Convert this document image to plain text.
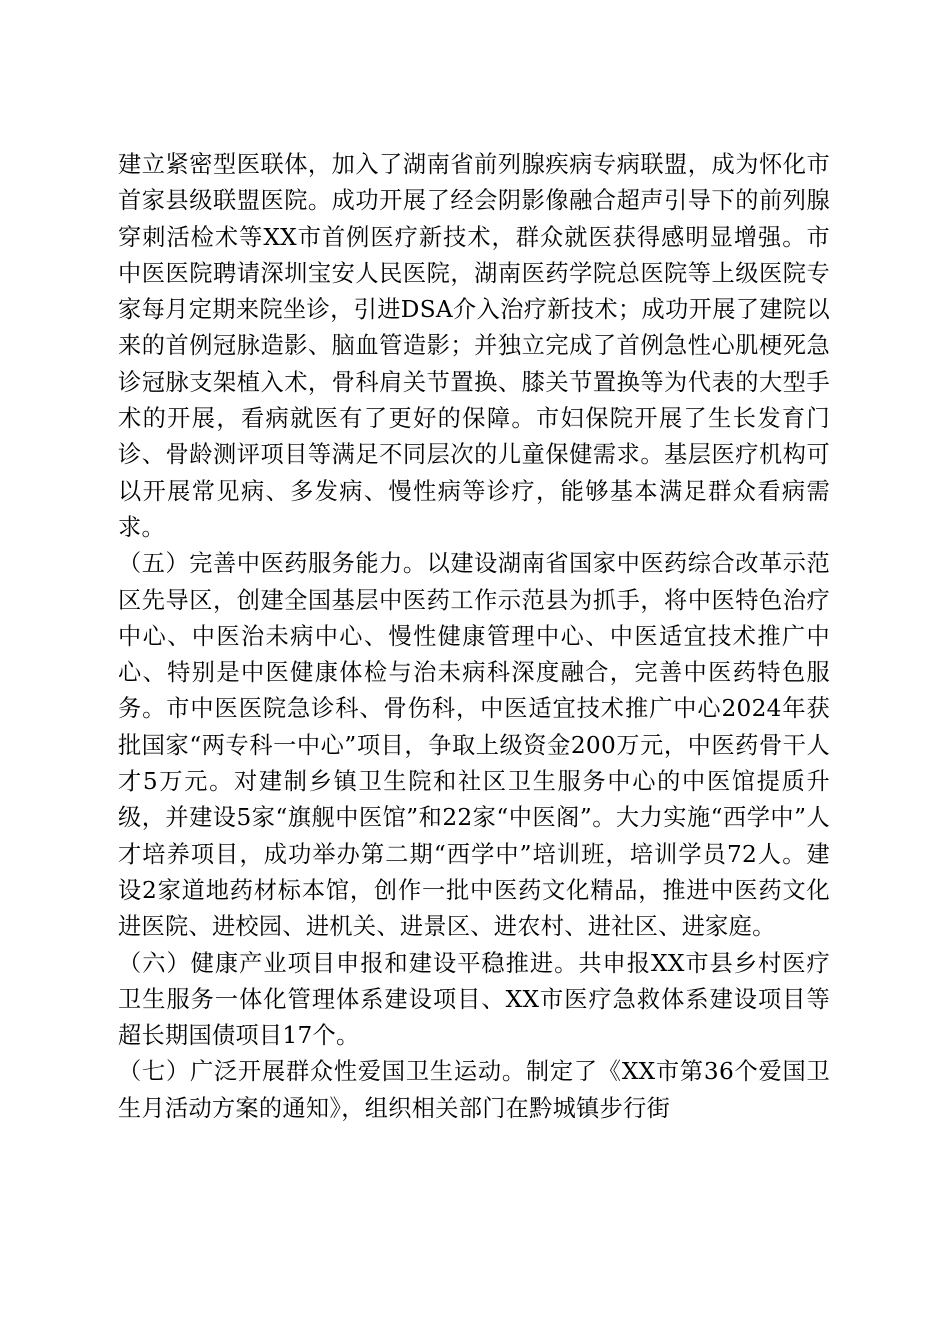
建立紧密型医联体，加入了湖南省前列腺疾病专病联盟，成为怀化市首家县级联盟医院。成功开展了经会阴影像融合超声引导下的前列腺穿刺活检术等XX市首例医疗新技术，群众就医获得感明显增强。市中医医院聘请深圳宝安人民医院，湖南医药学院总医院等上级医院专家每月定期来院坐诊，引进DSA介入治疗新技术；成功开展了建院以来的首例冠脉造影、脑血管造影；并独立完成了首例急性心肌梗死急诊冠脉支架植入术，骨科肩关节置换、膝关节置换等为代表的大型手术的开展，看病就医有了更好的保障。市妇保院开展了生长发育门诊、骨龄测评项目等满足不同层次的儿童保健需求。基层医疗机构可以开展常见病、多发病、慢性病等诊疗，能够基本满足群众看病需求。

（五）完善中医药服务能力。以建设湖南省国家中医药综合改革示范区先导区，创建全国基层中医药工作示范县为抓手，将中医特色治疗中心、中医治未病中心、慢性健康管理中心、中医适宜技术推广中心、特别是中医健康体检与治未病科深度融合，完善中医药特色服务。市中医医院急诊科、骨伤科，中医适宜技术推广中心2024年获批国家“两专科一中心”项目，争取上级资金200万元，中医药骨干人才5万元。对建制乡镇卫生院和社区卫生服务中心的中医馆提质升级，并建设5家“旗舰中医馆”和22家“中医阁”。大力实施“西学中”人才培养项目，成功举办第二期“西学中”培训班，培训学员72人。建设2家道地药材标本馆，创作一批中医药文化精品，推进中医药文化进医院、进校园、进机关、进景区、进农村、进社区、进家庭。

（六）健康产业项目申报和建设平稳推进。共申报XX市县乡村医疗卫生服务一体化管理体系建设项目、XX市医疗急救体系建设项目等超长期国债项目17个。

（七）广泛开展群众性爱国卫生运动。制定了《XX市第36个爱国卫生月活动方案的通知》，组织相关部门在黔城镇步行街
